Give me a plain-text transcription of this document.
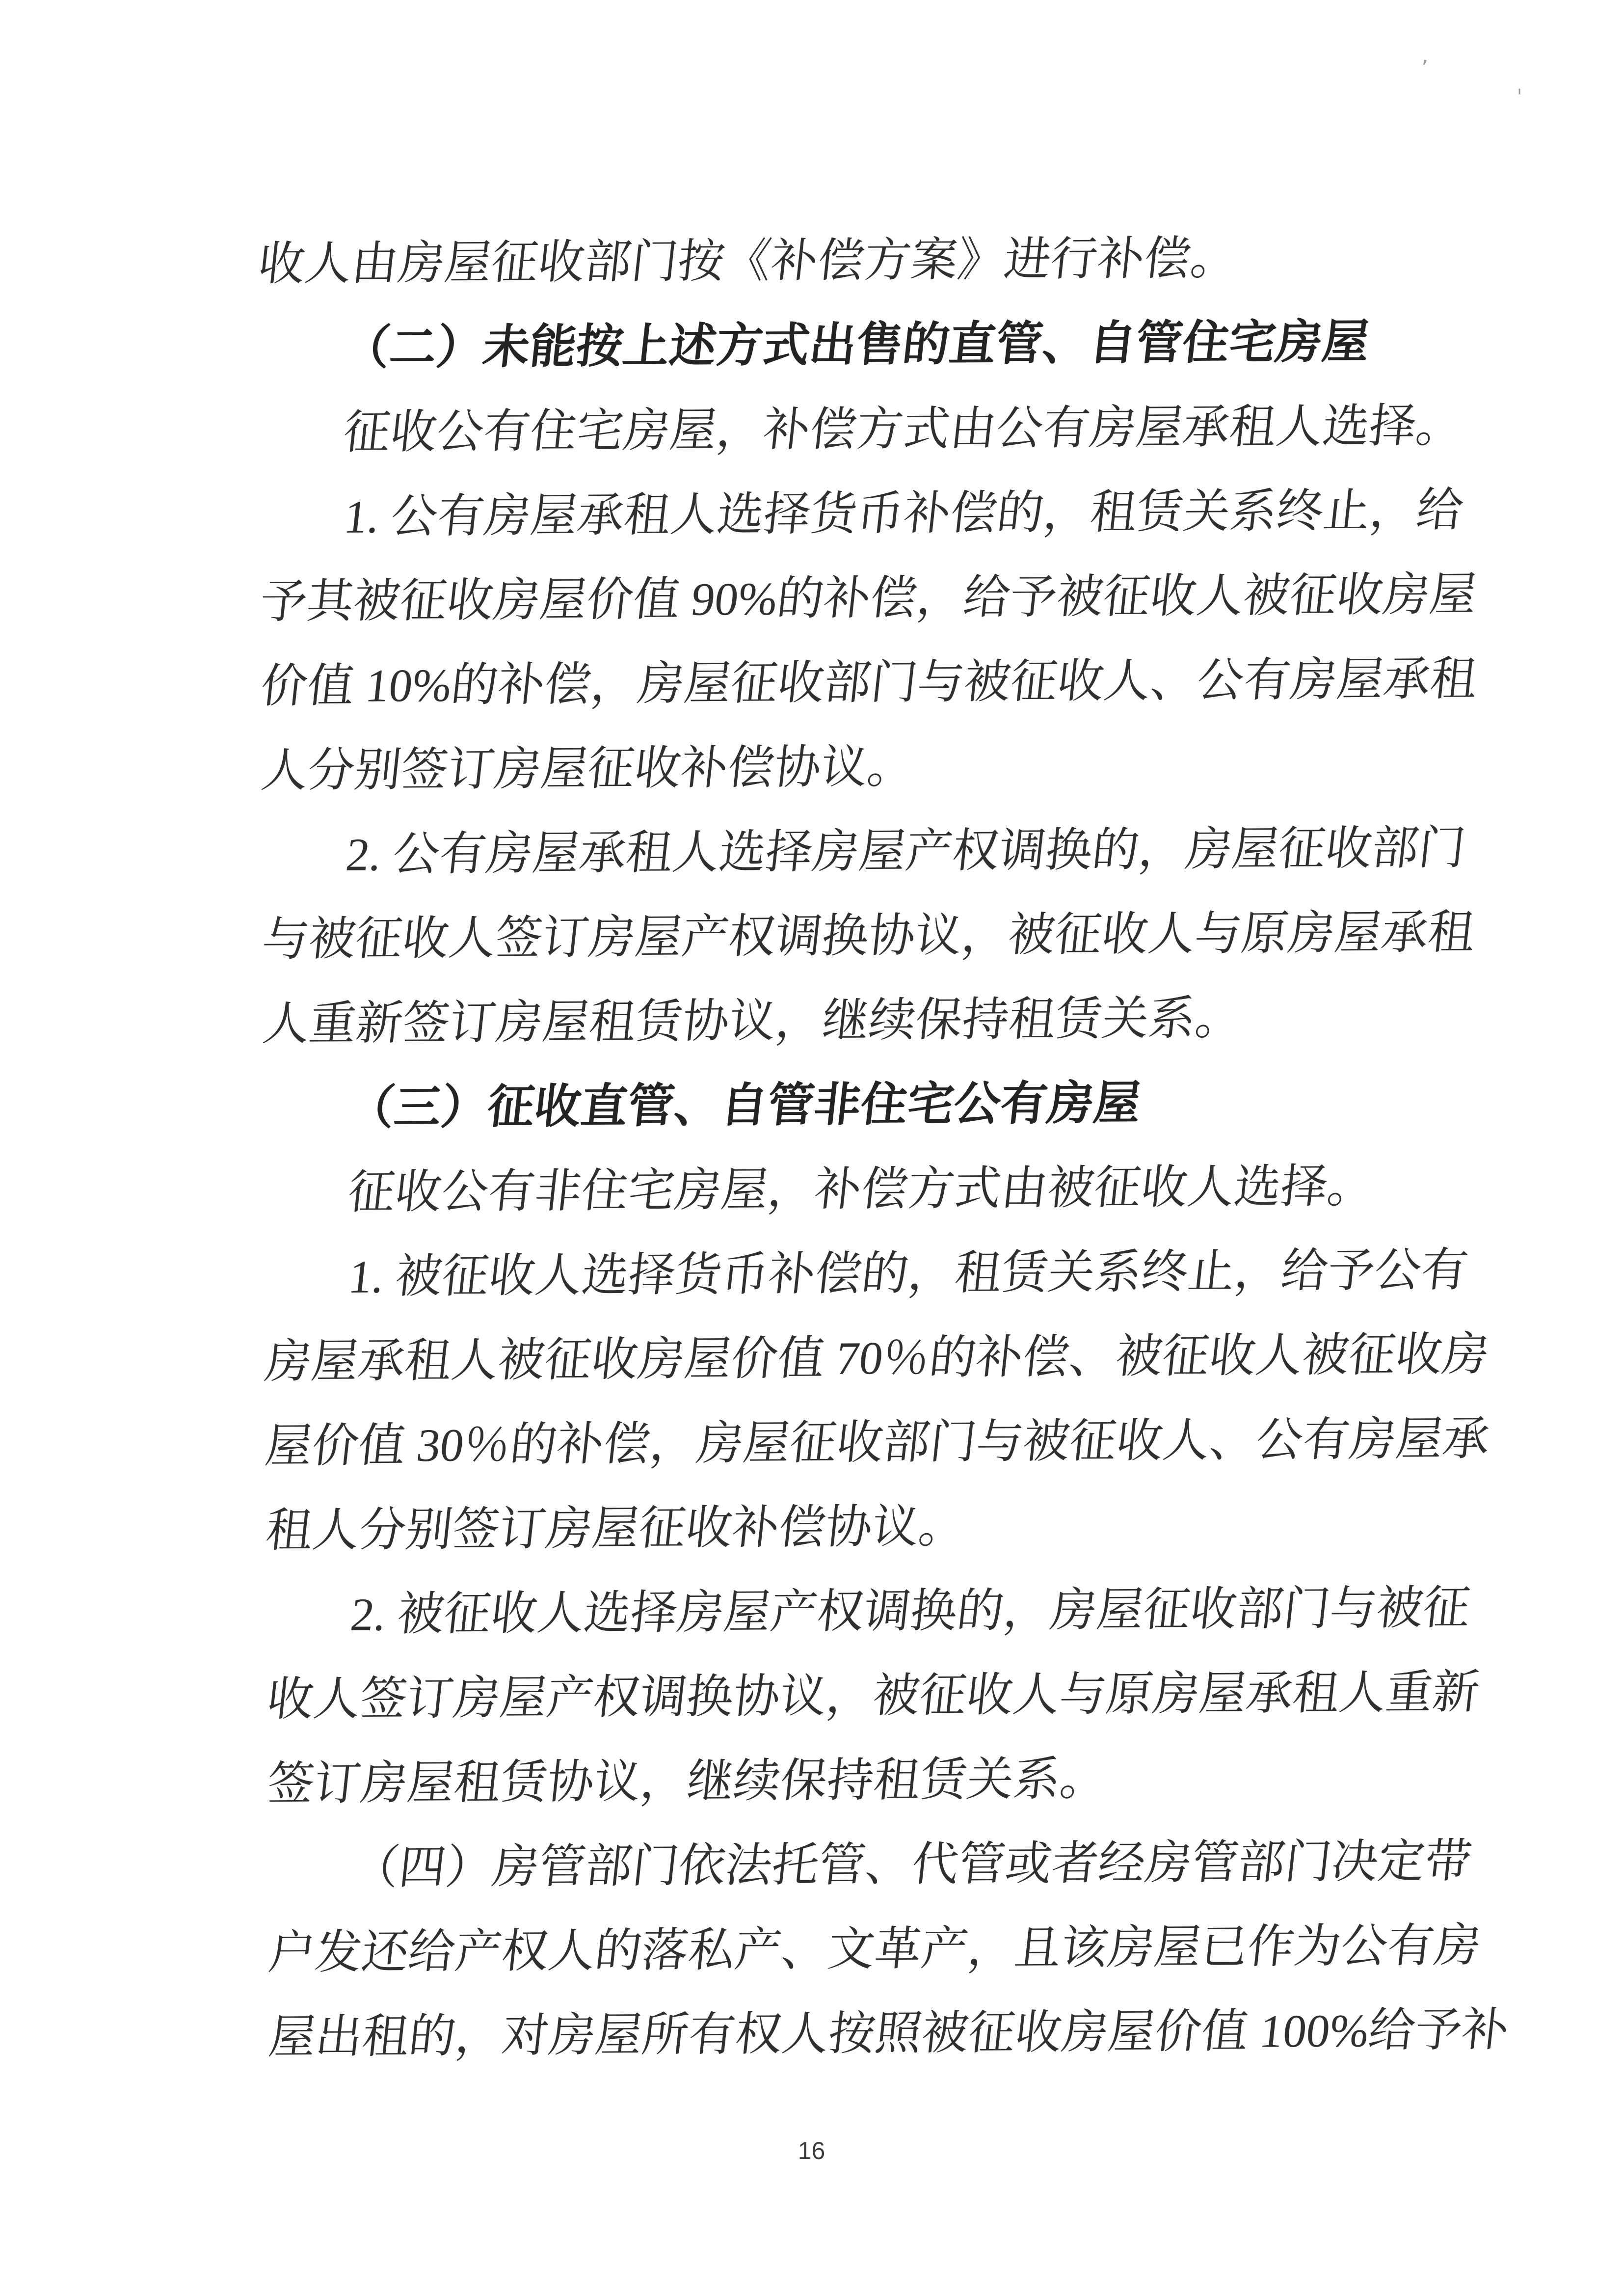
收人由房屋征收部门按《补偿方案》进行补偿。
（二）未能按上述方式出售的直管、自管住宅房屋
征收公有住宅房屋，补偿方式由公有房屋承租人选择。
1. 公有房屋承租人选择货币补偿的，租赁关系终止，给
予其被征收房屋价值 90%的补偿，给予被征收人被征收房屋
价值 10%的补偿，房屋征收部门与被征收人、公有房屋承租
人分别签订房屋征收补偿协议。
2. 公有房屋承租人选择房屋产权调换的，房屋征收部门
与被征收人签订房屋产权调换协议，被征收人与原房屋承租
人重新签订房屋租赁协议，继续保持租赁关系。
（三）征收直管、自管非住宅公有房屋
征收公有非住宅房屋，补偿方式由被征收人选择。
1. 被征收人选择货币补偿的，租赁关系终止，给予公有
房屋承租人被征收房屋价值 70％的补偿、被征收人被征收房
屋价值 30％的补偿，房屋征收部门与被征收人、公有房屋承
租人分别签订房屋征收补偿协议。
2. 被征收人选择房屋产权调换的，房屋征收部门与被征
收人签订房屋产权调换协议，被征收人与原房屋承租人重新
签订房屋租赁协议，继续保持租赁关系。
（四）房管部门依法托管、代管或者经房管部门决定带
户发还给产权人的落私产、文革产，且该房屋已作为公有房
屋出租的，对房屋所有权人按照被征收房屋价值 100%给予补
16
ʼ
ˌ
